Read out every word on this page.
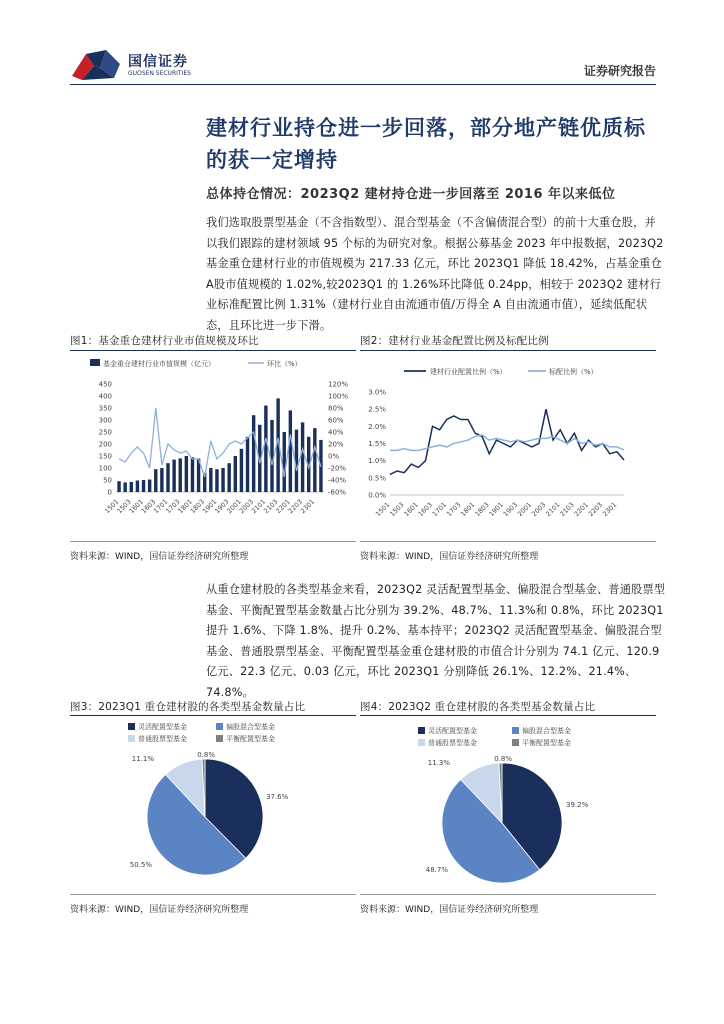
国信证券
GUOSEN SECURITIES	证券研究报告
建材行业持仓进一步回落，部分地产链优质标的获一定增持
总体持仓情况：2023Q2 建材持仓进一步回落至 2016 年以来低位

我们选取股票型基金（不含指数型）、混合型基金（不含偏债混合型）的前十大重仓股，并以我们跟踪的建材领域 95 个标的为研究对象。根据公募基金 2023 年中报数据，2023Q2 基金重仓建材行业的市值规模为 217.33 亿元，环比 2023Q1 降低 18.42%，占基金重仓A股市值规模的 1.02%,较2023Q1 的 1.26%环比降低 0.24pp，相较于 2023Q2 建材行业标准配置比例 1.31%（建材行业自由流通市值/万得全 A 自由流通市值），延续低配状态，且环比进一步下滑。

图1：基金重仓建材行业市值规模及环比
基金重仓建材行业市值规模（亿元）	环比（%）
0
50
100
150
200
250
300
350
400
450
-60%
-40%
-20%
0%
20%
40%
60%
80%
100%
120%
1501
1503
1601
1603
1701
1703
1801
1803
1901
1903
2001
2003
2101
2103
2201
2203
2301
资料来源：WIND，国信证券经济研究所整理
图2：建材行业基金配置比例及标配比例
建材行业配置比例（%）	标配比例（%）
0.0%
0.5%
1.0%
1.5%
2.0%
2.5%
3.0%
1501
1503
1601
1603
1701
1703
1801
1803
1901
1903
2001
2003
2101
2103
2201
2203
2301
资料来源：WIND，国信证券经济研究所整理

从重仓建材股的各类型基金来看，2023Q2 灵活配置型基金、偏股混合型基金、普通股票型基金、平衡配置型基金数量占比分别为 39.2%、48.7%、11.3%和 0.8%，环比 2023Q1 提升 1.6%、下降 1.8%、提升 0.2%、基本持平；2023Q2 灵活配置型基金、偏股混合型基金、普通股票型基金、平衡配置型基金重仓建材股的市值合计分别为 74.1 亿元、120.9 亿元、22.3 亿元、0.03 亿元，环比 2023Q1 分别降低 26.1%、12.2%、21.4%、74.8%。

图3：2023Q1 重仓建材股的各类型基金数量占比
灵活配置型基金	偏股混合型基金
普通股票型基金	平衡配置型基金
37.6%
50.5%
11.1%	0.8%
资料来源：WIND，国信证券经济研究所整理
图4：2023Q2 重仓建材股的各类型基金数量占比
灵活配置型基金	偏股混合型基金
普通股票型基金	平衡配置型基金
39.2%
48.7%
11.3%	0.8%
资料来源：WIND，国信证券经济研究所整理
